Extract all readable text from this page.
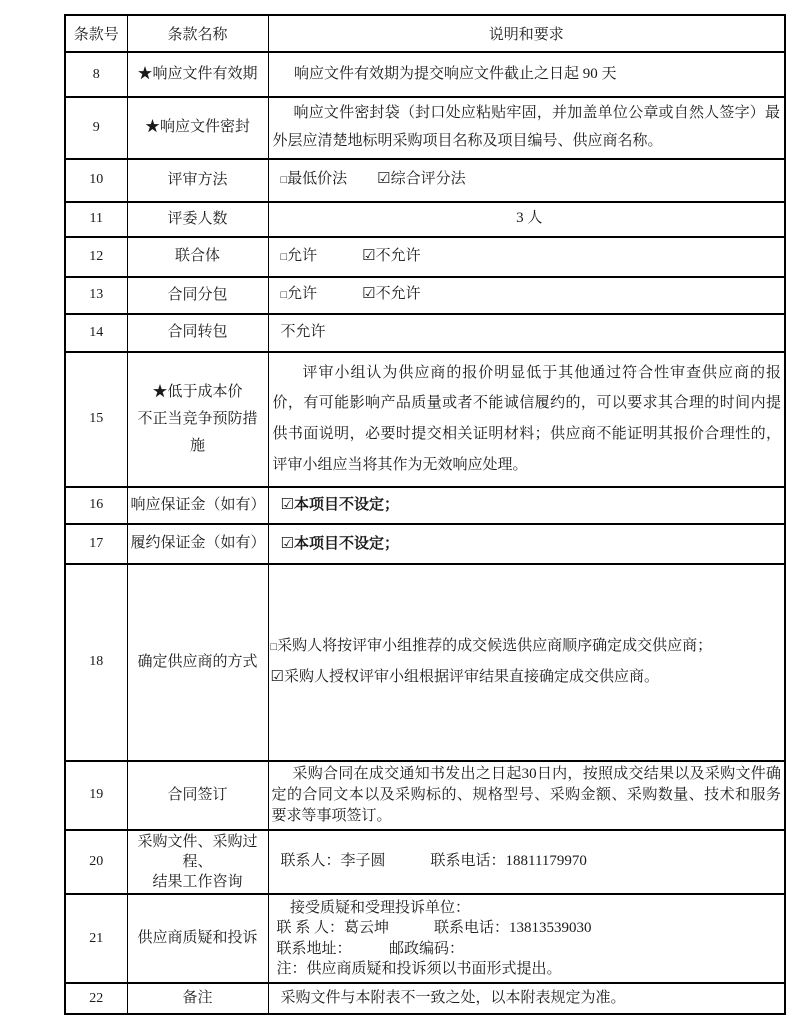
条款号	条款名称	说明和要求
8	★响应文件有效期	响应文件有效期为提交响应文件截止之日起 90 天

9	★响应文件密封	响应文件密封袋（封口处应粘贴牢固，并加盖单位公章或自然人签字）最外层应清楚地标明采购项目名称及项目编号、供应商名称。

10	评审方法	□最低价法　　☑综合评分法

11	评委人数	3 人

12	联合体	□允许　　　☑不允许

13	合同分包	□允许　　　☑不允许

14	合同转包	不允许

15	★低于成本价
不正当竞争预防措施	评审小组认为供应商的报价明显低于其他通过符合性审查供应商的报价，有可能影响产品质量或者不能诚信履约的，可以要求其合理的时间内提供书面说明，必要时提交相关证明材料；供应商不能证明其报价合理性的，评审小组应当将其作为无效响应处理。

16	响应保证金（如有）	☑本项目不设定；

17	履约保证金（如有）	☑本项目不设定；

18	确定供应商的方式	□采购人将按评审小组推荐的成交候选供应商顺序确定成交供应商；
☑采购人授权评审小组根据评审结果直接确定成交供应商。

19	合同签订	采购合同在成交通知书发出之日起30日内，按照成交结果以及采购文件确定的合同文本以及采购标的、规格型号、采购金额、采购数量、技术和服务要求等事项签订。

20	采购文件、采购过程、
结果工作咨询	联系人：李子圆　　　联系电话：18811179970

21	供应商质疑和投诉	接受质疑和受理投诉单位：
联 系 人：葛云坤　　　联系电话：13813539030
联系地址：　　　邮政编码：
注：供应商质疑和投诉须以书面形式提出。

22	备注	采购文件与本附表不一致之处，以本附表规定为准。
